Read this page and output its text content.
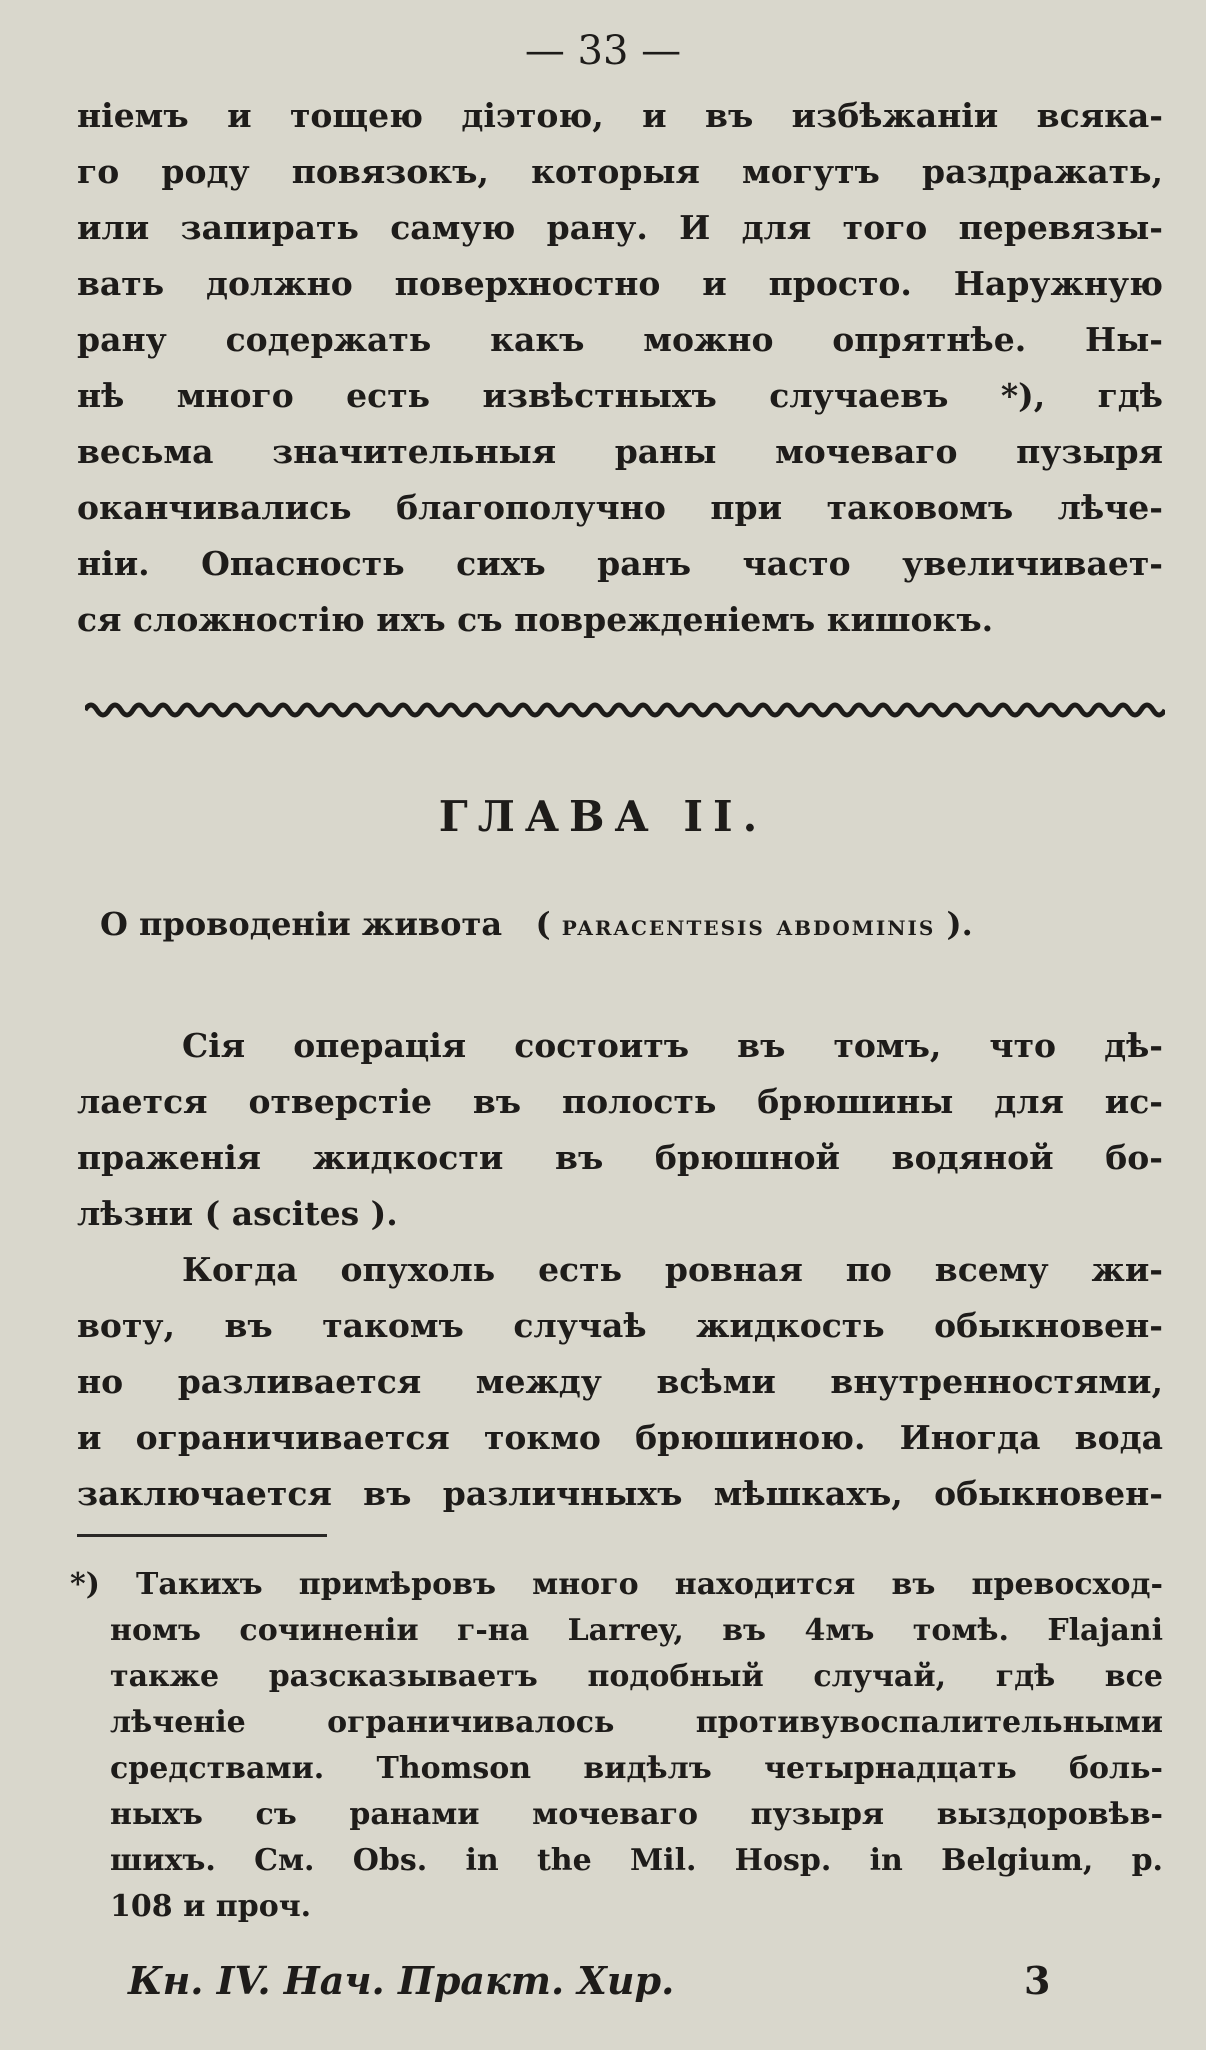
— 33 —
нiемъ и тощею дiэтою, и въ избѣжанiи всяка-
го роду повязокъ, которыя могутъ раздражать,
или запирать самую рану. И для того перевязы-
вать должно поверхностно и просто. Наружную
рану содержать какъ можно опрятнѣе. Ны-
нѣ много есть извѣстныхъ случаевъ *), гдѣ
весьма значительныя раны мочеваго пузыря
оканчивались благополучно при таковомъ лѣче-
нiи. Опасность сихъ ранъ часто увеличивает-
ся сложностiю ихъ съ поврежденiемъ кишокъ.
ГЛАВА II.
О проводенiи живота   ( paracentesis abdominis ).
Сiя операцiя состоитъ въ томъ, что дѣ-
лается отверстiе въ полость брюшины для ис-
праженiя жидкости въ брюшной водяной бо-
лѣзни ( ascites ).
Когда опухоль есть ровная по всему жи-
воту, въ такомъ случаѣ жидкость обыкновен-
но разливается между всѣми внутренностями,
и ограничивается токмо брюшиною. Иногда вода
заключается въ различныхъ мѣшкахъ, обыкновен-
*) Такихъ примѣровъ много находится въ превосход-
номъ сочиненiи г-на Larrey, въ 4мъ томѣ. Flajani
также разсказываетъ подобный случай, гдѣ все
лѣченiе ограничивалось противувоспалительными
средствами. Thomson видѣлъ четырнадцать боль-
ныхъ съ ранами мочеваго пузыря выздоровѣв-
шихъ. См. Obs. in the Mil. Hosp. in Belgium, p.
108 и проч.
Кн. IV. Нач. Практ. Хир.	3
